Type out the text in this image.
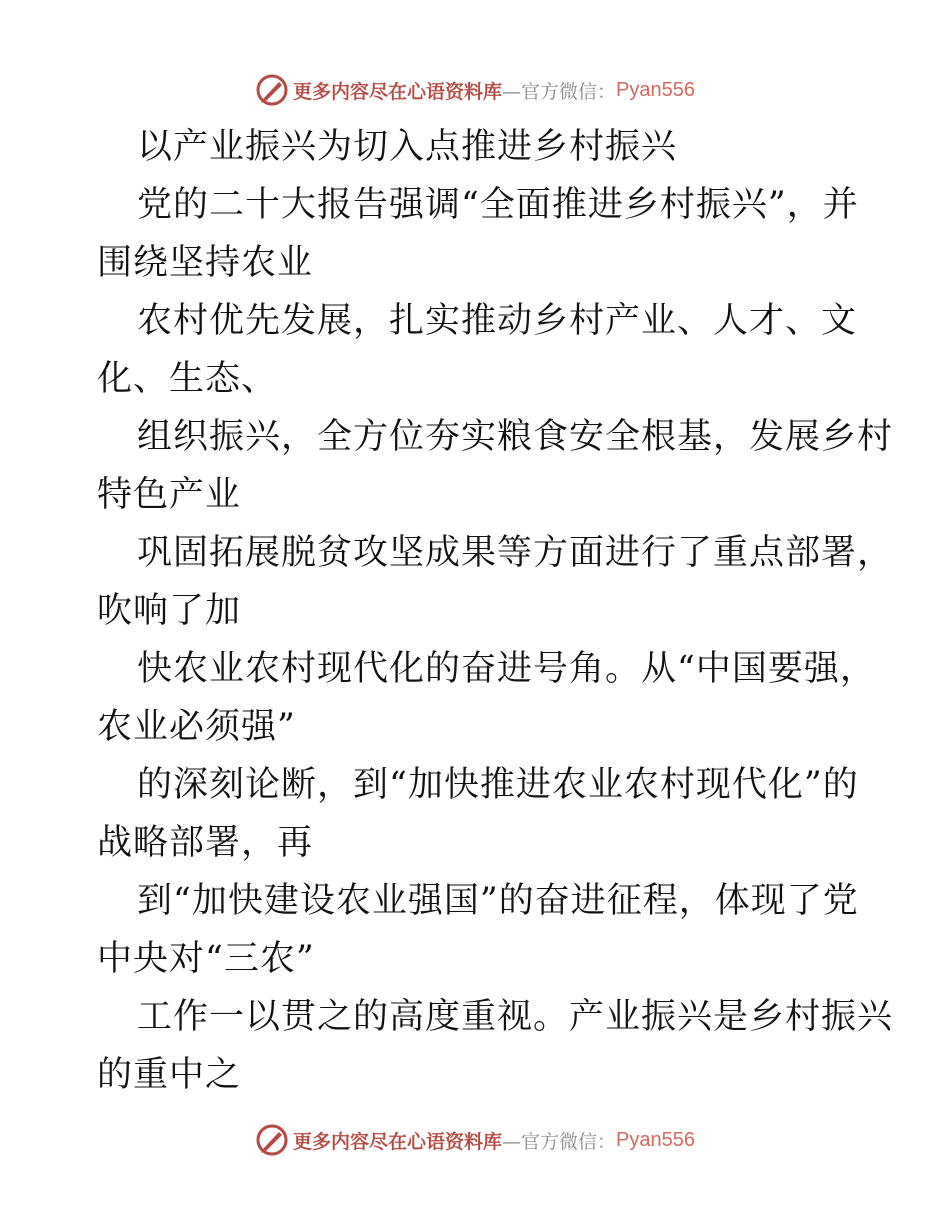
更多内容尽在心语资料库 —官方微信： Pyan556
以产业振兴为切入点推进乡村振兴
党的二十大报告强调“全面推进乡村振兴”，并
围绕坚持农业
农村优先发展，扎实推动乡村产业、人才、文
化、生态、
组织振兴，全方位夯实粮食安全根基，发展乡村
特色产业
巩固拓展脱贫攻坚成果等方面进行了重点部署，
吹响了加
快农业农村现代化的奋进号角。从“中国要强，
农业必须强”
的深刻论断，到“加快推进农业农村现代化”的
战略部署，再
到“加快建设农业强国”的奋进征程，体现了党
中央对“三农”
工作一以贯之的高度重视。产业振兴是乡村振兴
的重中之
更多内容尽在心语资料库 —官方微信： Pyan556
